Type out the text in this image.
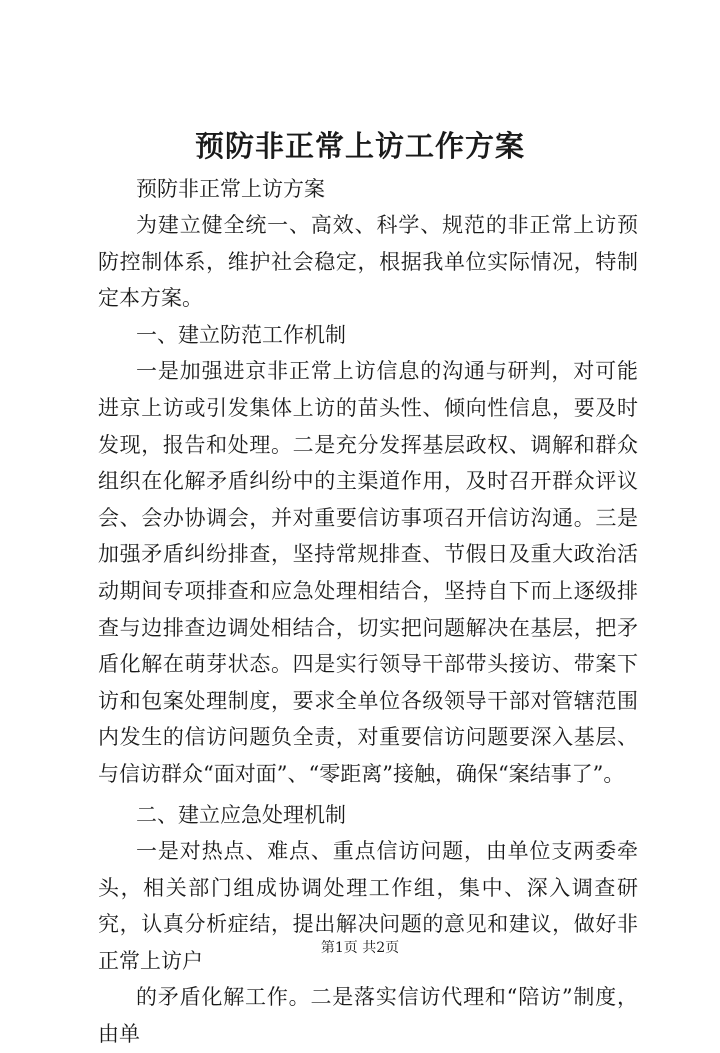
预防非正常上访工作方案
预防非正常上访方案

为建立健全统一、高效、科学、规范的非正常上访预防控制体系，维护社会稳定，根据我单位实际情况，特制定本方案。

一、建立防范工作机制

一是加强进京非正常上访信息的沟通与研判，对可能进京上访或引发集体上访的苗头性、倾向性信息，要及时发现，报告和处理。二是充分发挥基层政权、调解和群众组织在化解矛盾纠纷中的主渠道作用，及时召开群众评议会、会办协调会，并对重要信访事项召开信访沟通。三是加强矛盾纠纷排查，坚持常规排查、节假日及重大政治活动期间专项排查和应急处理相结合，坚持自下而上逐级排查与边排查边调处相结合，切实把问题解决在基层，把矛盾化解在萌芽状态。四是实行领导干部带头接访、带案下访和包案处理制度，要求全单位各级领导干部对管辖范围内发生的信访问题负全责，对重要信访问题要深入基层、与信访群众“面对面”、“零距离”接触，确保“案结事了”。

二、建立应急处理机制

一是对热点、难点、重点信访问题，由单位支两委牵头，相关部门组成协调处理工作组，集中、深入调查研究，认真分析症结，提出解决问题的意见和建议，做好非正常上访户

的矛盾化解工作。二是落实信访代理和“陪访”制度，由单

第1页 共2页
